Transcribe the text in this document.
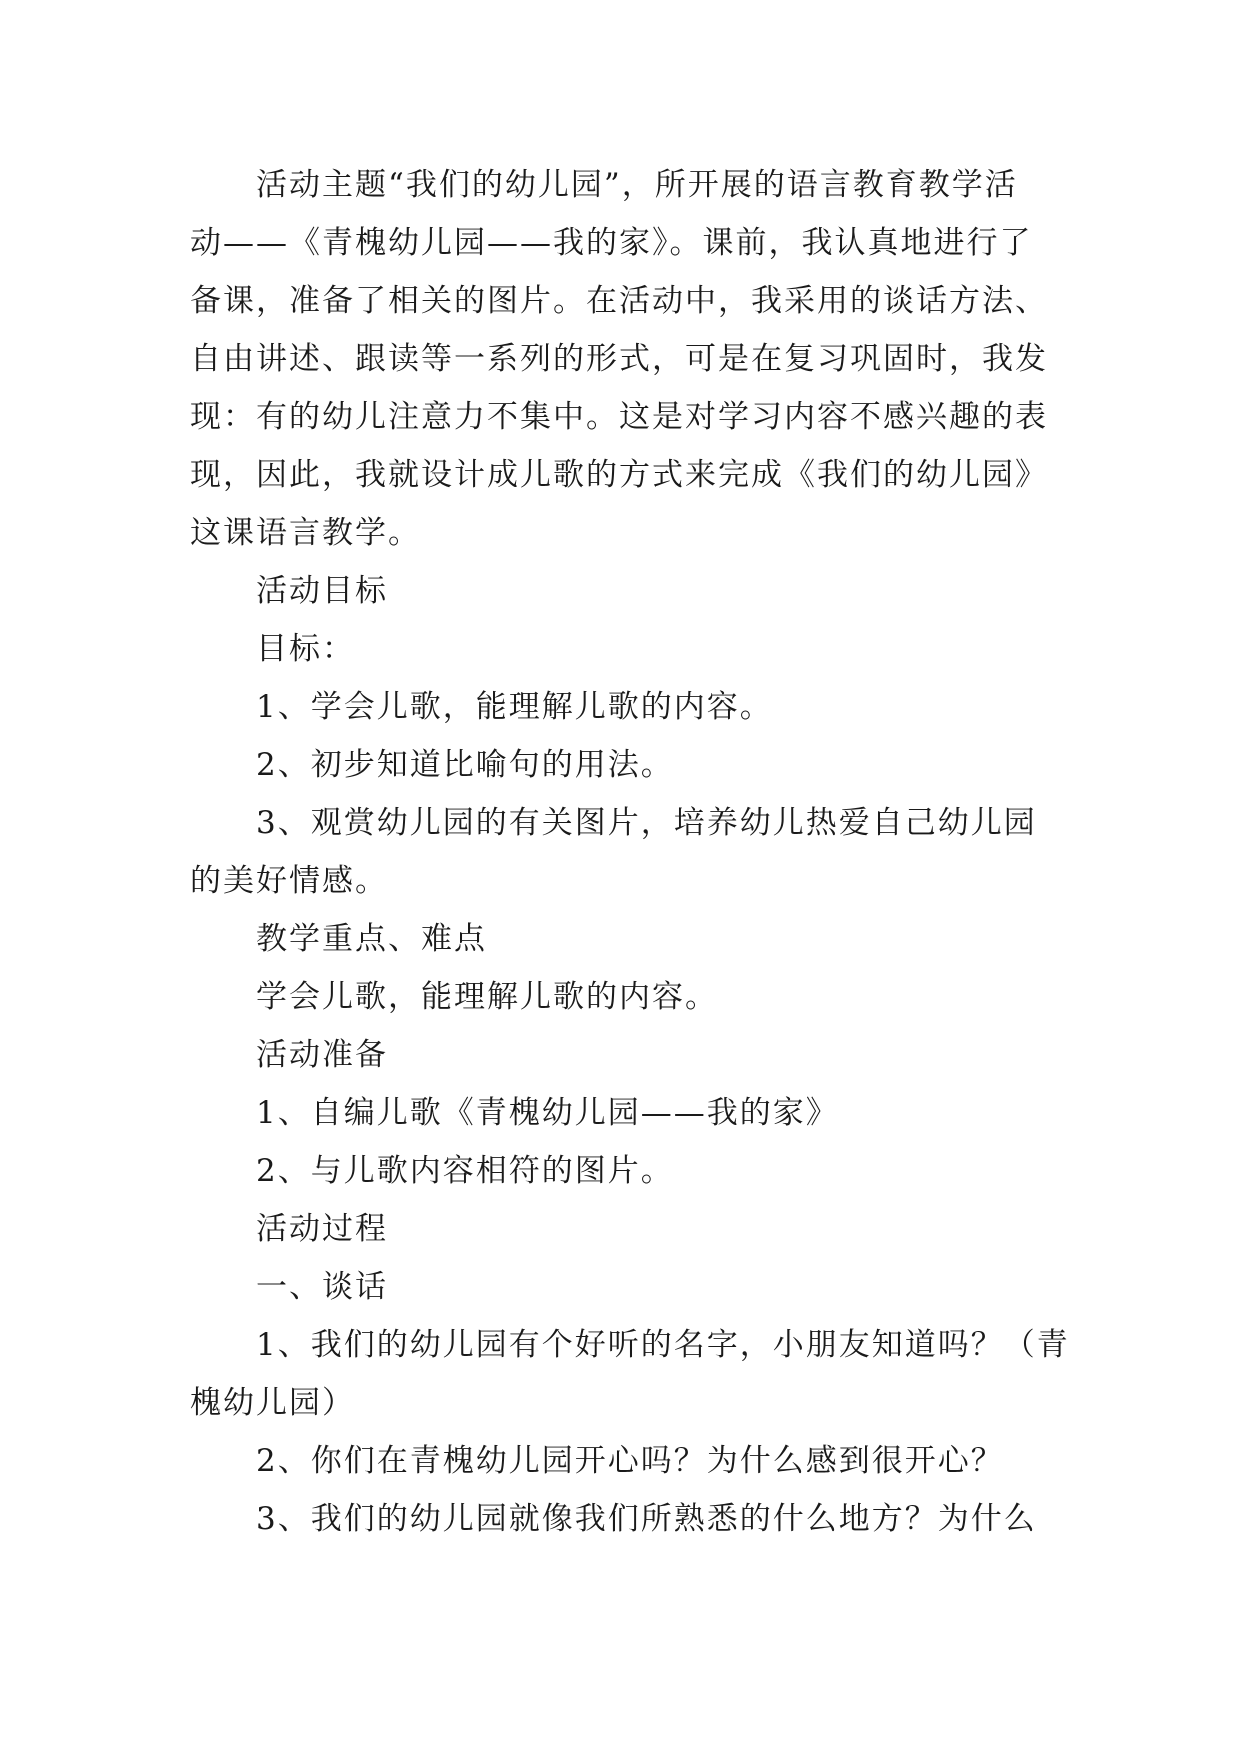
活动主题“我们的幼儿园”，所开展的语言教育教学活

动——《青槐幼儿园——我的家》。课前，我认真地进行了

备课，准备了相关的图片。在活动中，我采用的谈话方法、

自由讲述、跟读等一系列的形式，可是在复习巩固时，我发

现：有的幼儿注意力不集中。这是对学习内容不感兴趣的表

现，因此，我就设计成儿歌的方式来完成《我们的幼儿园》

这课语言教学。

活动目标

目标：

1、学会儿歌，能理解儿歌的内容。

2、初步知道比喻句的用法。

3、观赏幼儿园的有关图片，培养幼儿热爱自己幼儿园

的美好情感。

教学重点、难点

学会儿歌，能理解儿歌的内容。

活动准备

1、自编儿歌《青槐幼儿园——我的家》

2、与儿歌内容相符的图片。

活动过程

一、谈话

1、我们的幼儿园有个好听的名字，小朋友知道吗？（青

槐幼儿园）

2、你们在青槐幼儿园开心吗？为什么感到很开心？

3、我们的幼儿园就像我们所熟悉的什么地方？为什么
